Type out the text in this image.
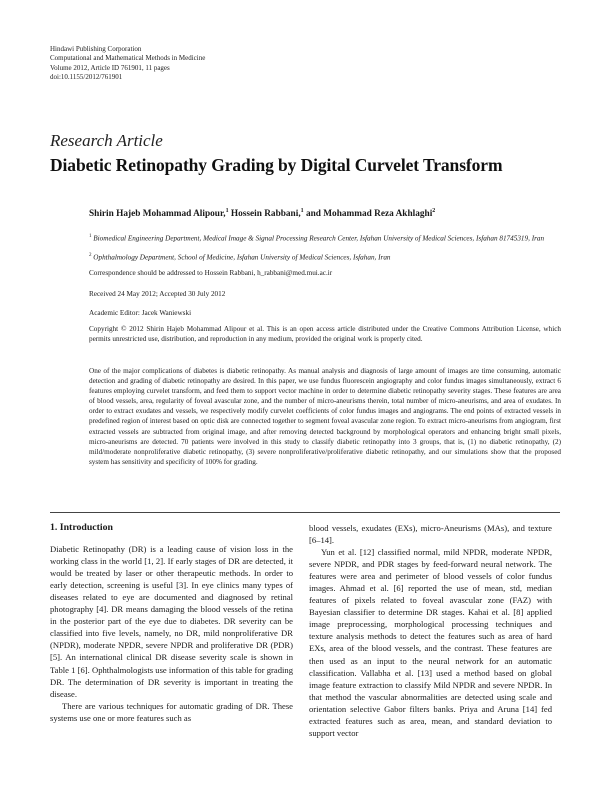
Hindawi Publishing Corporation
Computational and Mathematical Methods in Medicine
Volume 2012, Article ID 761901, 11 pages
doi:10.1155/2012/761901
Research Article
Diabetic Retinopathy Grading by Digital Curvelet Transform
Shirin Hajeb Mohammad Alipour,$^1$ Hossein Rabbani,$^1$ and Mohammad Reza Akhlaghi$^2$
$^1$ Biomedical Engineering Department, Medical Image & Signal Processing Research Center, Isfahan University of Medical Sciences, Isfahan 81745319, Iran
$^2$ Ophthalmology Department, School of Medicine, Isfahan University of Medical Sciences, Isfahan, Iran
Correspondence should be addressed to Hossein Rabbani, h_rabbani@med.mui.ac.ir
Received 24 May 2012; Accepted 30 July 2012
Academic Editor: Jacek Waniewski
Copyright © 2012 Shirin Hajeb Mohammad Alipour et al. This is an open access article distributed under the Creative Commons Attribution License, which permits unrestricted use, distribution, and reproduction in any medium, provided the original work is properly cited.
One of the major complications of diabetes is diabetic retinopathy. As manual analysis and diagnosis of large amount of images are time consuming, automatic detection and grading of diabetic retinopathy are desired. In this paper, we use fundus fluorescein angiography and color fundus images simultaneously, extract 6 features employing curvelet transform, and feed them to support vector machine in order to determine diabetic retinopathy severity stages. These features are area of blood vessels, area, regularity of foveal avascular zone, and the number of micro-aneurisms therein, total number of micro-aneurisms, and area of exudates. In order to extract exudates and vessels, we respectively modify curvelet coefficients of color fundus images and angiograms. The end points of extracted vessels in predefined region of interest based on optic disk are connected together to segment foveal avascular zone region. To extract micro-aneurisms from angiogram, first extracted vessels are subtracted from original image, and after removing detected background by morphological operators and enhancing bright small pixels, micro-aneurisms are detected. 70 patients were involved in this study to classify diabetic retinopathy into 3 groups, that is, (1) no diabetic retinopathy, (2) mild/moderate nonproliferative diabetic retinopathy, (3) severe nonproliferative/proliferative diabetic retinopathy, and our simulations show that the proposed system has sensitivity and specificity of 100% for grading.
1. Introduction

Diabetic Retinopathy (DR) is a leading cause of vision loss in the working class in the world [1, 2]. If early stages of DR are detected, it would be treated by laser or other therapeutic methods. In order to early detection, screening is useful [3]. In eye clinics many types of diseases related to eye are documented and diagnosed by retinal photography [4]. DR means damaging the blood vessels of the retina in the posterior part of the eye due to diabetes. DR severity can be classified into five levels, namely, no DR, mild nonproliferative DR (NPDR), moderate NPDR, severe NPDR and proliferative DR (PDR) [5]. An international clinical DR disease severity scale is shown in Table 1 [6]. Ophthalmologists use information of this table for grading DR. The determination of DR severity is important in treating the disease.

There are various techniques for automatic grading of DR. These systems use one or more features such as

blood vessels, exudates (EXs), micro-Aneurisms (MAs), and texture [6–14].

Yun et al. [12] classified normal, mild NPDR, moderate NPDR, severe NPDR, and PDR stages by feed-forward neural network. The features were area and perimeter of blood vessels of color fundus images. Ahmad et al. [6] reported the use of mean, std, median features of pixels related to foveal avascular zone (FAZ) with Bayesian classifier to determine DR stages. Kahai et al. [8] applied image preprocessing, morphological processing techniques and texture analysis methods to detect the features such as area of hard EXs, area of the blood vessels, and the contrast. These features are then used as an input to the neural network for an automatic classification. Vallabha et al. [13] used a method based on global image feature extraction to classify Mild NPDR and severe NPDR. In that method the vascular abnormalities are detected using scale and orientation selective Gabor filters banks. Priya and Aruna [14] fed extracted features such as area, mean, and standard deviation to support vector
